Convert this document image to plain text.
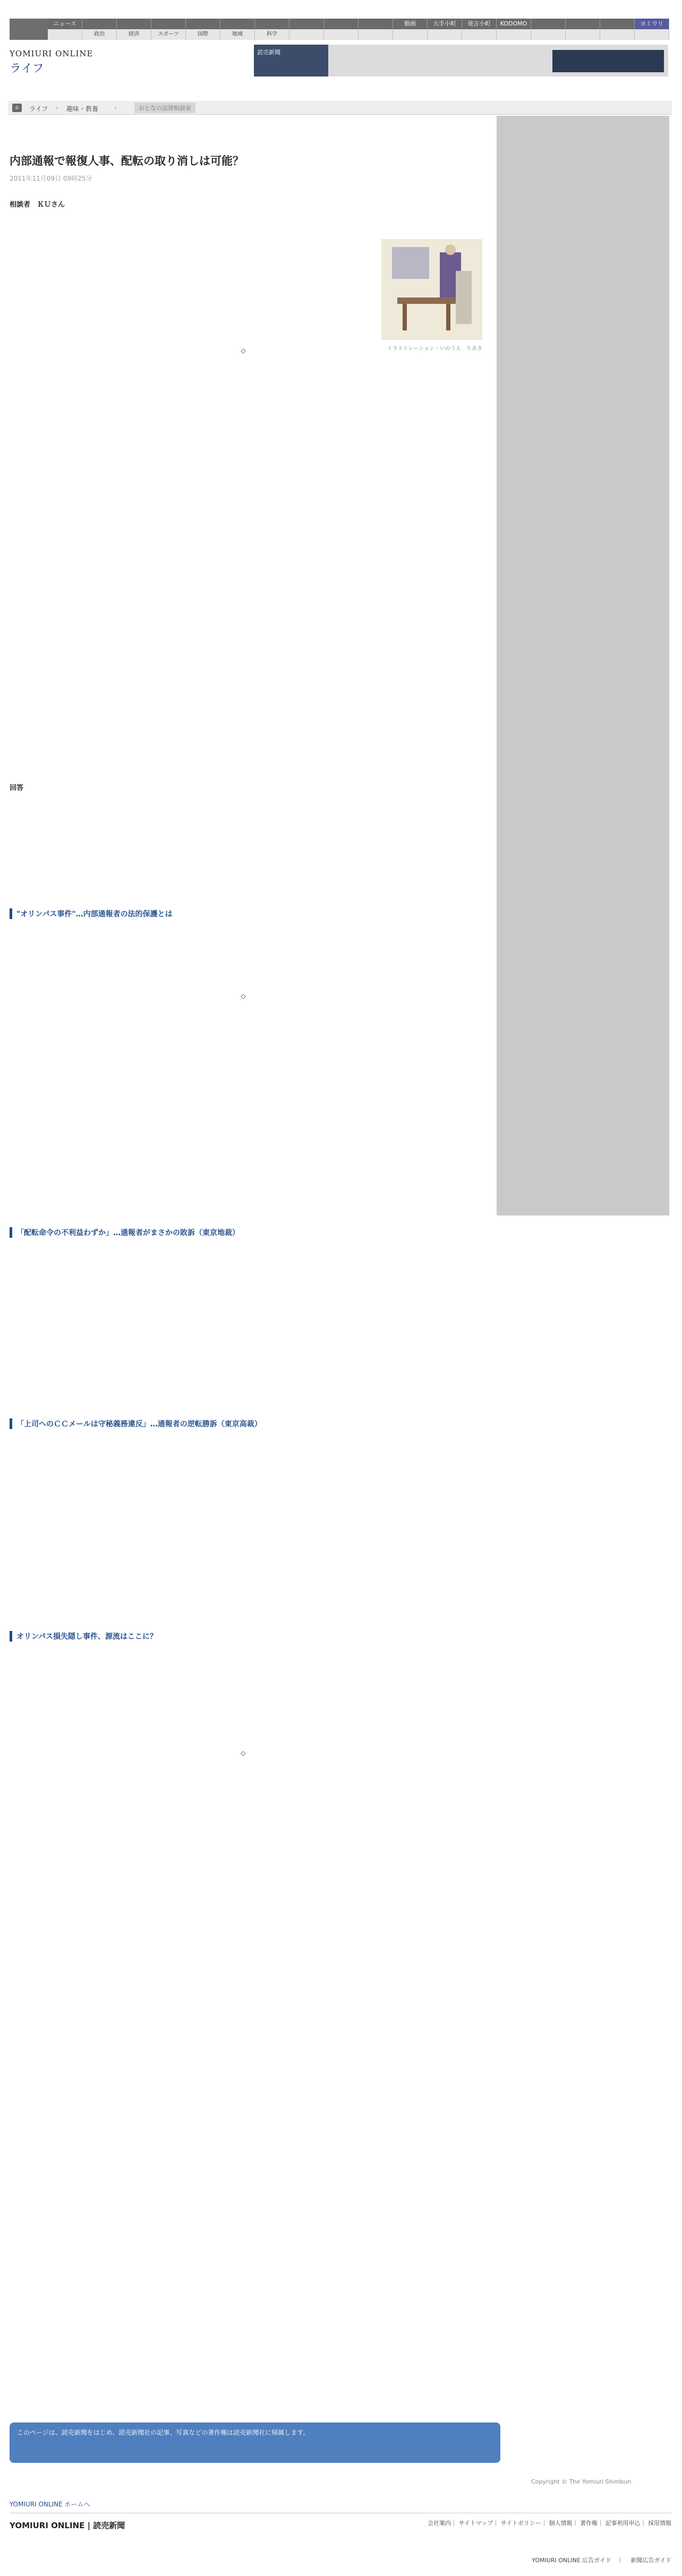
ニュース
政治	経済	スポーツ	国際	地域	科学
動画	大手小町	発言小町	KODOMO	ヨミウリ
YOMIURI ONLINE
ライフ
読売新聞
⌂	ライフ › 趣味・教養 ›	おとなの法律相談室
内部通報で報復人事、配転の取り消しは可能？
2011年11月09日 09時25分
相談者　ＫＵさん
イラストレーション・いのうえ　ちあき

◇

回答
"オリンパス事件"…内部通報者の法的保護とは

◇

「配転命令の不利益わずか」…通報者がまさかの敗訴（東京地裁）
「上司へのＣＣメールは守秘義務違反」…通報者の逆転勝訴（東京高裁）
オリンパス損失隠し事件、源流はここに？

◇

このページは、読売新聞をはじめ、読売新聞社の記事、写真などの著作権は読売新聞社に帰属します。
Copyright © The Yomiuri Shimbun
YOMIURI ONLINE ホームへ
YOMIURI ONLINE | 読売新聞	会社案内｜ サイトマップ｜ サイトポリシー｜ 個人情報｜ 著作権｜ 記事利用申込｜ 採用情報
YOMIURI ONLINE 広告ガイド　｜　 新聞広告ガイド
